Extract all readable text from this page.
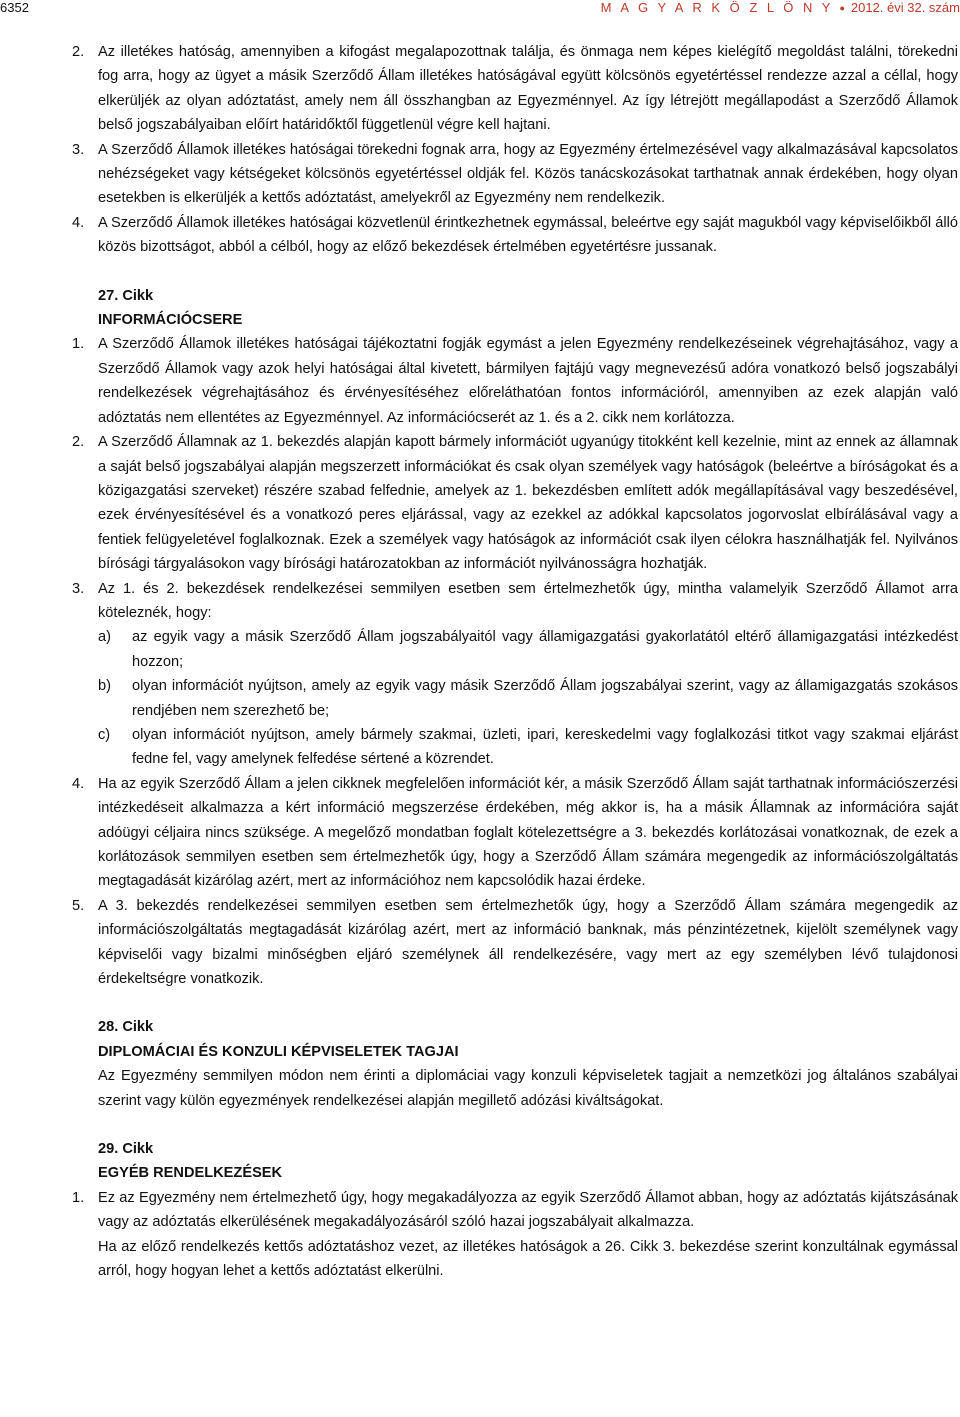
6352	M A G Y A R K Ö Z L Ö N Y ● 2012. évi 32. szám
2. Az illetékes hatóság, amennyiben a kifogást megalapozottnak találja, és önmaga nem képes kielégítő megoldást találni, törekedni fog arra, hogy az ügyet a másik Szerződő Állam illetékes hatóságával együtt kölcsönös egyetértéssel rendezze azzal a céllal, hogy elkerüljék az olyan adóztatást, amely nem áll összhangban az Egyezménnyel. Az így létrejött megállapodást a Szerződő Államok belső jogszabályaiban előírt határidőktől függetlenül végre kell hajtani.
3. A Szerződő Államok illetékes hatóságai törekedni fognak arra, hogy az Egyezmény értelmezésével vagy alkalmazásával kapcsolatos nehézségeket vagy kétségeket kölcsönös egyetértéssel oldják fel. Közös tanácskozásokat tarthatnak annak érdekében, hogy olyan esetekben is elkerüljék a kettős adóztatást, amelyekről az Egyezmény nem rendelkezik.
4. A Szerződő Államok illetékes hatóságai közvetlenül érintkezhetnek egymással, beleértve egy saját magukból vagy képviselőikből álló közös bizottságot, abból a célból, hogy az előző bekezdések értelmében egyetértésre jussanak.
27. Cikk
INFORMÁCIÓCSERE
1. A Szerződő Államok illetékes hatóságai tájékoztatni fogják egymást a jelen Egyezmény rendelkezéseinek végrehajtásához, vagy a Szerződő Államok vagy azok helyi hatóságai által kivetett, bármilyen fajtájú vagy megnevezésű adóra vonatkozó belső jogszabályi rendelkezések végrehajtásához és érvényesítéséhez előreláthatóan fontos információról, amennyiben az ezek alapján való adóztatás nem ellentétes az Egyezménnyel. Az információcserét az 1. és a 2. cikk nem korlátozza.
2. A Szerződő Államnak az 1. bekezdés alapján kapott bármely információt ugyanúgy titokként kell kezelnie, mint az ennek az államnak a saját belső jogszabályai alapján megszerzett információkat és csak olyan személyek vagy hatóságok (beleértve a bíróságokat és a közigazgatási szerveket) részére szabad felfednie, amelyek az 1. bekezdésben említett adók megállapításával vagy beszedésével, ezek érvényesítésével és a vonatkozó peres eljárással, vagy az ezekkel az adókkal kapcsolatos jogorvoslat elbírálásával vagy a fentiek felügyeletével foglalkoznak. Ezek a személyek vagy hatóságok az információt csak ilyen célokra használhatják fel. Nyilvános bírósági tárgyalásokon vagy bírósági határozatokban az információt nyilvánosságra hozhatják.
3. Az 1. és 2. bekezdések rendelkezései semmilyen esetben sem értelmezhetők úgy, mintha valamelyik Szerződő Államot arra köteleznék, hogy:
a) az egyik vagy a másik Szerződő Állam jogszabályaitól vagy államigazgatási gyakorlatától eltérő államigazgatási intézkedést hozzon;
b) olyan információt nyújtson, amely az egyik vagy másik Szerződő Állam jogszabályai szerint, vagy az államigazgatás szokásos rendjében nem szerezhető be;
c) olyan információt nyújtson, amely bármely szakmai, üzleti, ipari, kereskedelmi vagy foglalkozási titkot vagy szakmai eljárást fedne fel, vagy amelynek felfedése sértené a közrendet.
4. Ha az egyik Szerződő Állam a jelen cikknek megfelelően információt kér, a másik Szerződő Állam saját tarthatnak információszerzési intézkedéseit alkalmazza a kért információ megszerzése érdekében, még akkor is, ha a másik Államnak az információra saját adóügyi céljaira nincs szüksége. A megelőző mondatban foglalt kötelezettségre a 3. bekezdés korlátozásai vonatkoznak, de ezek a korlátozások semmilyen esetben sem értelmezhetők úgy, hogy a Szerződő Állam számára megengedik az információszolgáltatás megtagadását kizárólag azért, mert az információhoz nem kapcsolódik hazai érdeke.
5. A 3. bekezdés rendelkezései semmilyen esetben sem értelmezhetők úgy, hogy a Szerződő Állam számára megengedik az információszolgáltatás megtagadását kizárólag azért, mert az információ banknak, más pénzintézetnek, kijelölt személynek vagy képviselői vagy bizalmi minőségben eljáró személynek áll rendelkezésére, vagy mert az egy személyben lévő tulajdonosi érdekeltségre vonatkozik.
28. Cikk
DIPLOMÁCIAI ÉS KONZULI KÉPVISELETEK TAGJAI
Az Egyezmény semmilyen módon nem érinti a diplomáciai vagy konzuli képviseletek tagjait a nemzetközi jog általános szabályai szerint vagy külön egyezmények rendelkezései alapján megillető adózási kiváltságokat.
29. Cikk
EGYÉB RENDELKEZÉSEK
1. Ez az Egyezmény nem értelmezhető úgy, hogy megakadályozza az egyik Szerződő Államot abban, hogy az adóztatás kijátszásának vagy az adóztatás elkerülésének megakadályozásáról szóló hazai jogszabályait alkalmazza.
Ha az előző rendelkezés kettős adóztatáshoz vezet, az illetékes hatóságok a 26. Cikk 3. bekezdése szerint konzultálnak egymással arról, hogy hogyan lehet a kettős adóztatást elkerülni.
